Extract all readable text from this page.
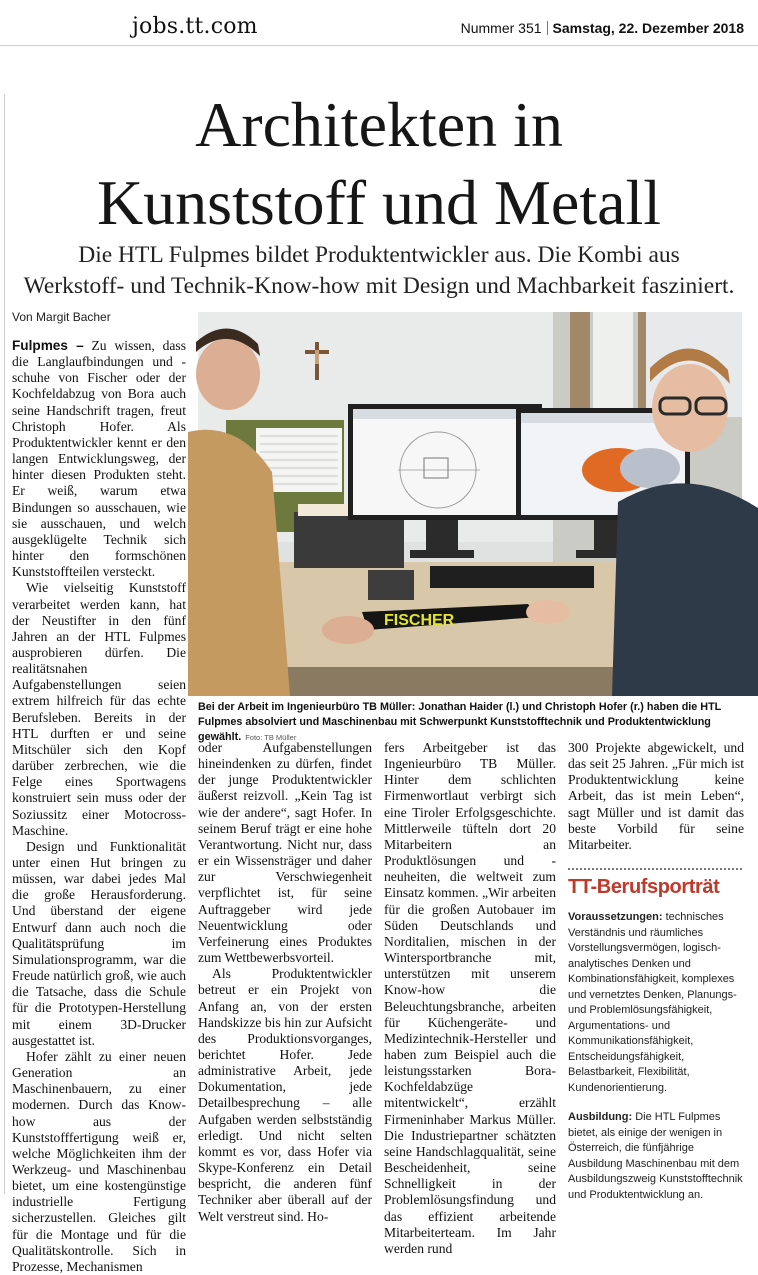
jobs.tt.com	Nummer 351 Samstag, 22. Dezember 2018
Architekten in
Kunststoff und Metall
Die HTL Fulpmes bildet Produktentwickler aus. Die Kombi aus
Werkstoff- und Technik-Know-how mit Design und Machbarkeit fasziniert.
Von Margit Bacher

Fulpmes – Zu wissen, dass die Langlaufbindungen und -schuhe von Fischer oder der Kochfeldabzug von Bora auch seine Handschrift tragen, freut Christoph Hofer. Als Produktentwickler kennt er den langen Entwicklungsweg, der hinter diesen Produkten steht. Er weiß, warum etwa Bindungen so ausschauen, wie sie ausschauen, und welch ausgeklügelte Technik sich hinter den formschönen Kunststoffteilen versteckt.

Wie vielseitig Kunststoff verarbeitet werden kann, hat der Neustifter in den fünf Jahren an der HTL Fulpmes ausprobieren dürfen. Die realitätsnahen Aufgabenstellungen seien extrem hilfreich für das echte Berufsleben. Bereits in der HTL durften er und seine Mitschüler sich den Kopf darüber zerbrechen, wie die Felge eines Sportwagens konstruiert sein muss oder der Soziussitz einer Motocross-Maschine.

Design und Funktionalität unter einen Hut bringen zu müssen, war dabei jedes Mal die große Herausforderung. Und überstand der eigene Entwurf dann auch noch die Qualitätsprüfung im Simulationsprogramm, war die Freude natürlich groß, wie auch die Tatsache, dass die Schule für die Prototypen-Herstellung mit einem 3D-Drucker ausgestattet ist.

Hofer zählt zu einer neuen Generation an Maschinenbauern, zu einer modernen. Durch das Know-how aus der Kunststofffertigung weiß er, welche Möglichkeiten ihm der Werkzeug- und Maschinenbau bietet, um eine kostengünstige industrielle Fertigung sicherzustellen. Gleiches gilt für die Montage und für die Qualitätskontrolle. Sich in Prozesse, Mechanismen

FISCHER
Bei der Arbeit im Ingenieurbüro TB Müller: Jonathan Haider (l.) und Christoph Hofer (r.) haben die HTL Fulpmes absolviert und Maschinenbau mit Schwerpunkt Kunststofftechnik und Produktentwicklung gewählt. Foto: TB Müller

oder Aufgabenstellungen hineindenken zu dürfen, findet der junge Produktentwickler äußerst reizvoll. „Kein Tag ist wie der andere“, sagt Hofer. In seinem Beruf trägt er eine hohe Verantwortung. Nicht nur, dass er ein Wissensträger und daher zur Verschwiegenheit verpflichtet ist, für seine Auftraggeber wird jede Neuentwicklung oder Verfeinerung eines Produktes zum Wettbewerbsvorteil.

Als Produktentwickler betreut er ein Projekt von Anfang an, von der ersten Handskizze bis hin zur Aufsicht des Produktionsvorganges, berichtet Hofer. Jede administrative Arbeit, jede Dokumentation, jede Detailbesprechung – alle Aufgaben werden selbstständig erledigt. Und nicht selten kommt es vor, dass Hofer via Skype-Konferenz ein Detail bespricht, die anderen fünf Techniker aber überall auf der Welt verstreut sind. Ho-

fers Arbeitgeber ist das Ingenieurbüro TB Müller. Hinter dem schlichten Firmenwortlaut verbirgt sich eine Tiroler Erfolgsgeschichte. Mittlerweile tüfteln dort 20 Mitarbeitern an Produktlösungen und -neuheiten, die weltweit zum Einsatz kommen. „Wir arbeiten für die großen Autobauer im Süden Deutschlands und Norditalien, mischen in der Wintersportbranche mit, unterstützen mit unserem Know-how die Beleuchtungsbranche, arbeiten für Küchengeräte- und Medizintechnik-Hersteller und haben zum Beispiel auch die leistungsstarken Bora-Kochfeldabzüge mitentwickelt“, erzählt Firmeninhaber Markus Müller. Die Industriepartner schätzten seine Handschlagqualität, seine Bescheidenheit, seine Schnelligkeit in der Problemlösungsfindung und das effizient arbeitende Mitarbeiterteam. Im Jahr werden rund

300 Projekte abgewickelt, und das seit 25 Jahren. „Für mich ist Produktentwicklung keine Arbeit, das ist mein Leben“, sagt Müller und ist damit das beste Vorbild für seine Mitarbeiter.

TT-Berufsporträt

Voraussetzungen: technisches Verständnis und räumliches Vorstellungsvermögen, logisch-analytisches Denken und Kombinationsfähigkeit, komplexes und vernetztes Denken, Planungs- und Problemlösungsfähigkeit, Argumentations- und Kommunikationsfähigkeit, Entscheidungsfähigkeit, Belastbarkeit, Flexibilität, Kundenorientierung.

Ausbildung: Die HTL Fulpmes bietet, als einige der wenigen in Österreich, die fünfjährige Ausbildung Maschinenbau mit dem Ausbildungszweig Kunststofftechnik und Produktentwicklung an.
